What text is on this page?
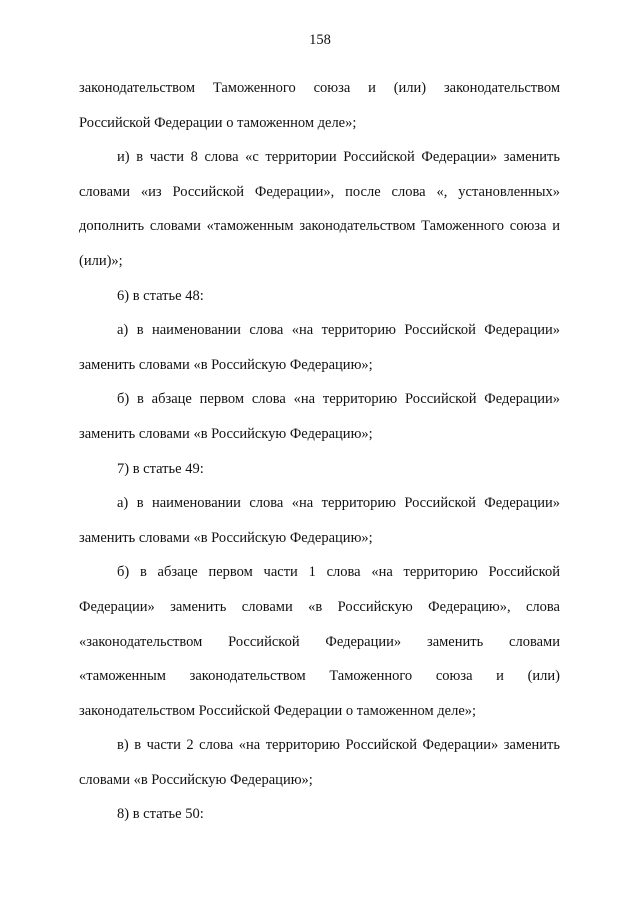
158

законодательством Таможенного союза и (или) законодательством Российской Федерации о таможенном деле»;

и) в части 8 слова «с территории Российской Федерации» заменить словами «из Российской Федерации», после слова «, установленных» дополнить словами «таможенным законодательством Таможенного союза и (или)»;

6) в статье 48:

а) в наименовании слова «на территорию Российской Федерации» заменить словами «в Российскую Федерацию»;

б) в абзаце первом слова «на территорию Российской Федерации» заменить словами «в Российскую Федерацию»;

7) в статье 49:

а) в наименовании слова «на территорию Российской Федерации» заменить словами «в Российскую Федерацию»;

б) в абзаце первом части 1 слова «на территорию Российской Федерации» заменить словами «в Российскую Федерацию», слова «законодательством Российской Федерации» заменить словами «таможенным законодательством Таможенного союза и (или) законодательством Российской Федерации о таможенном деле»;

в) в части 2 слова «на территорию Российской Федерации» заменить словами «в Российскую Федерацию»;

8) в статье 50:
